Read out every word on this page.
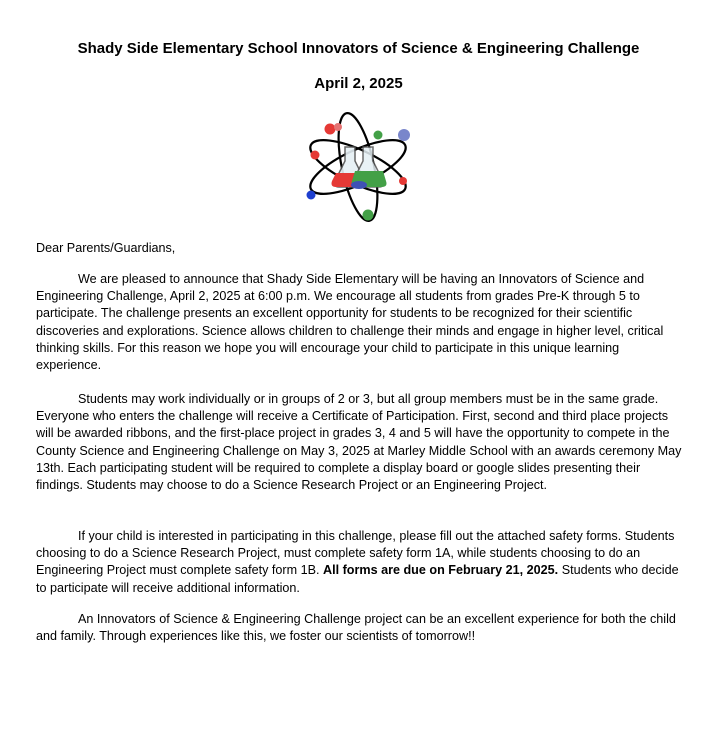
Shady Side Elementary School Innovators of Science & Engineering Challenge
April 2, 2025
Dear Parents/Guardians,
We are pleased to announce that Shady Side Elementary will be having an Innovators of Science and Engineering Challenge, April 2, 2025 at 6:00 p.m. We encourage all students from grades Pre-K through 5 to participate. The challenge presents an excellent opportunity for students to be recognized for their scientific discoveries and explorations. Science allows children to challenge their minds and engage in higher level, critical thinking skills. For this reason we hope you will encourage your child to participate in this unique learning experience.
Students may work individually or in groups of 2 or 3, but all group members must be in the same grade. Everyone who enters the challenge will receive a Certificate of Participation. First, second and third place projects will be awarded ribbons, and the first-place project in grades 3, 4 and 5 will have the opportunity to compete in the County Science and Engineering Challenge on May 3, 2025 at Marley Middle School with an awards ceremony May 13th. Each participating student will be required to complete a display board or google slides presenting their findings. Students may choose to do a Science Research Project or an Engineering Project.
If your child is interested in participating in this challenge, please fill out the attached safety forms. Students choosing to do a Science Research Project, must complete safety form 1A, while students choosing to do an Engineering Project must complete safety form 1B. All forms are due on February 21, 2025. Students who decide to participate will receive additional information.
An Innovators of Science & Engineering Challenge project can be an excellent experience for both the child and family. Through experiences like this, we foster our scientists of tomorrow!!
